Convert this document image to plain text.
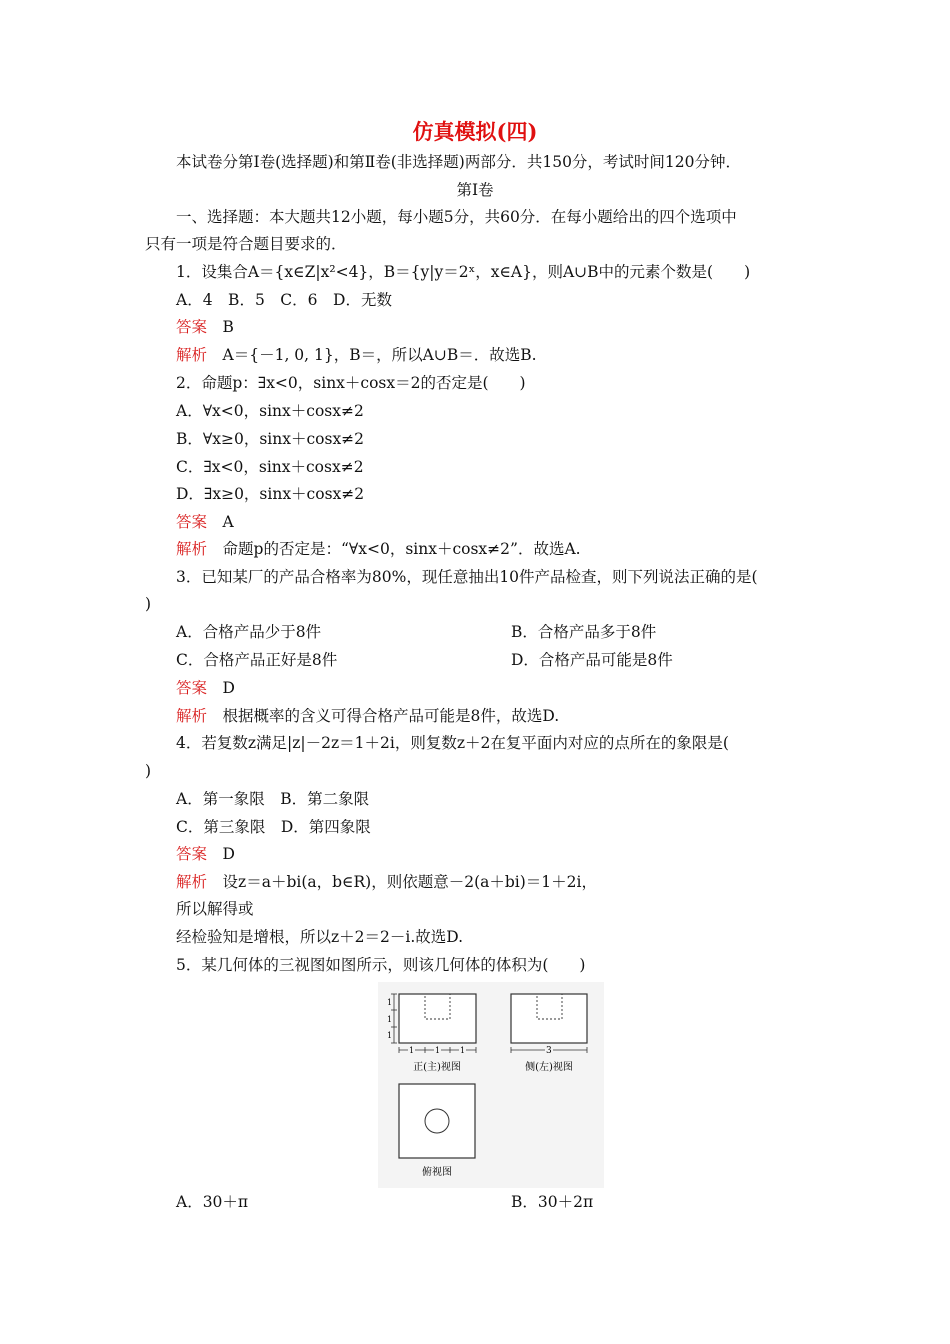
仿真模拟(四)
本试卷分第Ⅰ卷(选择题)和第Ⅱ卷(非选择题)两部分．共150分，考试时间120分钟．
第Ⅰ卷
一、选择题：本大题共12小题，每小题5分，共60分．在每小题给出的四个选项中
只有一项是符合题目要求的．
1．设集合A＝{x∈Z|x²<4}，B＝{y|y＝2ˣ，x∈A}，则A∪B中的元素个数是(　　)
A．4　B．5　C．6　D．无数
答案　 B
解析　 A＝{－1, 0, 1}，B＝，所以A∪B＝．故选B.
2．命题p：∃x<0，sinx＋cosx＝2的否定是(　　)
A．∀x<0，sinx＋cosx≠2
B．∀x≥0，sinx＋cosx≠2
C．∃x<0，sinx＋cosx≠2
D．∃x≥0，sinx＋cosx≠2
答案　 A
解析　 命题p的否定是：“∀x<0，sinx＋cosx≠2”．故选A.
3．已知某厂的产品合格率为80%，现任意抽出10件产品检查，则下列说法正确的是(
)
A．合格产品少于8件	B．合格产品多于8件
C．合格产品正好是8件	D．合格产品可能是8件
答案　 D
解析　 根据概率的含义可得合格产品可能是8件，故选D.
4．若复数z满足|z|－2z＝1＋2i，则复数z＋2在复平面内对应的点所在的象限是(
)
A．第一象限　B．第二象限
C．第三象限　D．第四象限
答案　 D
解析　 设z＝a＋bi(a，b∈R)，则依题意－2(a＋bi)＝1＋2i，
所以解得或
经检验知是增根，所以z＋2＝2－i.故选D.
5．某几何体的三视图如图所示，则该几何体的体积为(　　)
1
1
1
1	1 1
正(主)视图
3
侧(左)视图
俯视图
A．30＋π	B．30＋2π
